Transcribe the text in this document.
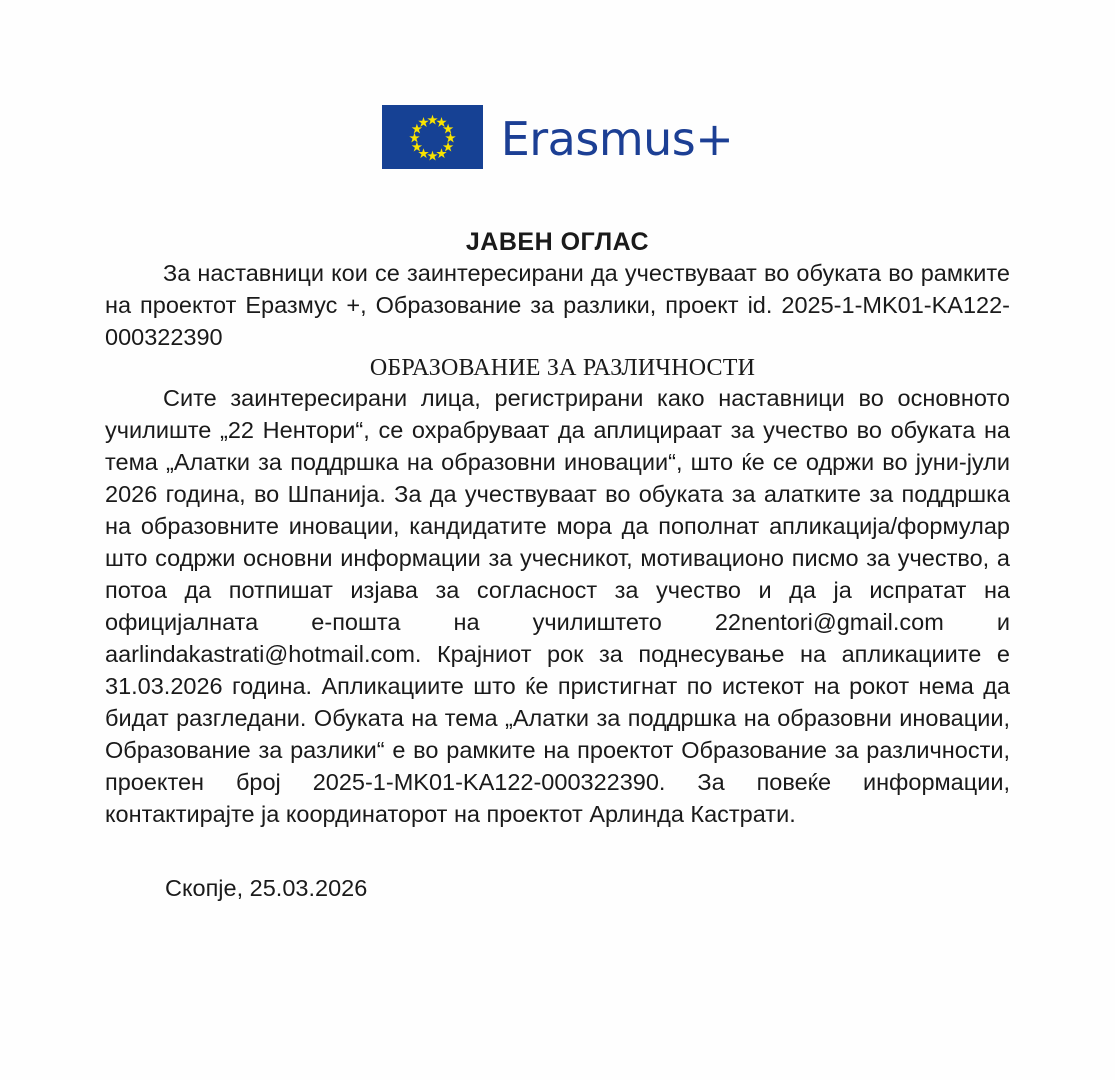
Erasmus+
ЈАВЕН ОГЛАС

За наставници кои се заинтересирани да учествуваат во обуката во рамките на проектот Еразмус +, Образование за разлики, проект id. 2025-1-MK01-KA122-000322390

ОБРАЗОВАНИЕ ЗА РАЗЛИЧНОСТИ

Сите заинтересирани лица, регистрирани како наставници во основното училиште „22 Нентори“, се охрабруваат да аплицираат за учество во обуката на тема „Алатки за поддршка на образовни иновации“, што ќе се одржи во јуни-јули 2026 година, во Шпанија. За да учествуваат во обуката за алатките за поддршка на образовните иновации, кандидатите мора да пополнат апликација/формулар што содржи основни информации за учесникот, мотивационо писмо за учество, а потоа да потпишат изјава за согласност за учество и да ја испратат на официјалната е-пошта на училиштето 22nentori@gmail.com и aarlindakastrati@hotmail.com. Крајниот рок за поднесување на апликациите е 31.03.2026 година. Апликациите што ќе пристигнат по истекот на рокот нема да бидат разгледани. Обуката на тема „Алатки за поддршка на образовни иновации, Образование за разлики“ е во рамките на проектот Образование за различности, проектен број 2025-1-MK01-KA122-000322390. За повеќе информации, контактирајте ја координаторот на проектот Арлинда Кастрати.

Скопје, 25.03.2026
